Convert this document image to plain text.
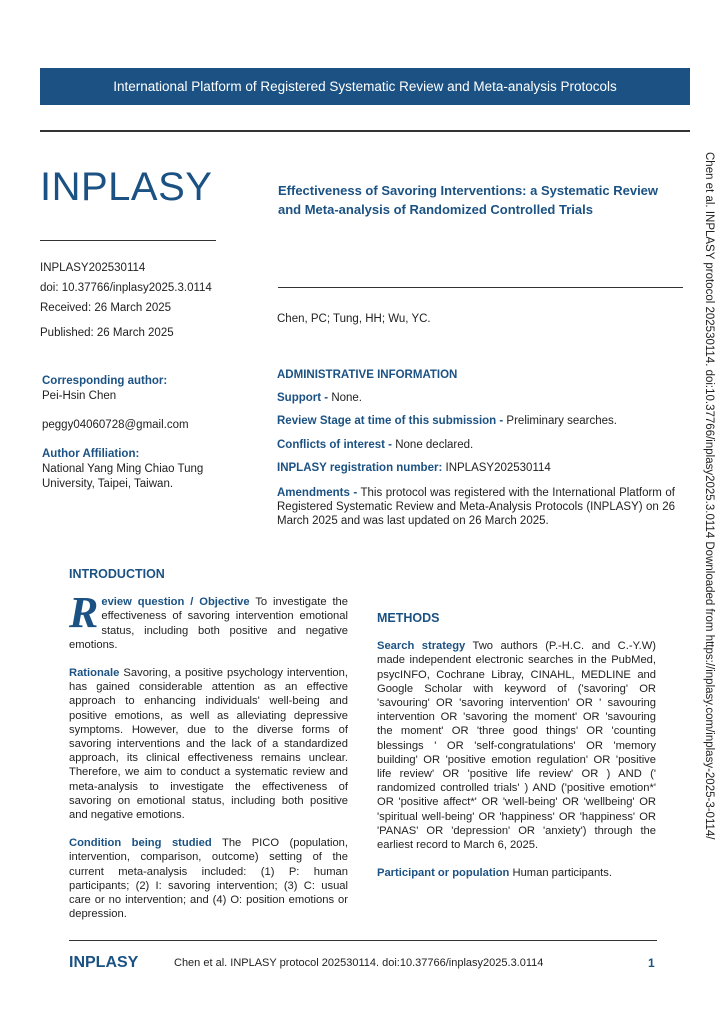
International Platform of Registered Systematic Review and Meta-analysis Protocols
INPLASY	Effectiveness of Savoring Interventions: a Systematic Review and Meta-analysis of Randomized Controlled Trials
INPLASY202530114
doi: 10.37766/inplasy2025.3.0114
Received: 26 March 2025
Published: 26 March 2025
Chen, PC; Tung, HH; Wu, YC.
Corresponding author:
Pei-Hsin Chen
peggy04060728@gmail.com
Author Affiliation:
National Yang Ming Chiao Tung University, Taipei, Taiwan.
ADMINISTRATIVE INFORMATION
Support - None.
Review Stage at time of this submission - Preliminary searches.
Conflicts of interest - None declared.
INPLASY registration number: INPLASY202530114
Amendments - This protocol was registered with the International Platform of Registered Systematic Review and Meta-Analysis Protocols (INPLASY) on 26 March 2025 and was last updated on 26 March 2025.
INTRODUCTION
R eview question / Objective To investigate the effectiveness of savoring intervention emotional status, including both positive and negative emotions.
Rationale Savoring, a positive psychology intervention, has gained considerable attention as an effective approach to enhancing individuals' well-being and positive emotions, as well as alleviating depressive symptoms. However, due to the diverse forms of savoring interventions and the lack of a standardized approach, its clinical effectiveness remains unclear. Therefore, we aim to conduct a systematic review and meta-analysis to investigate the effectiveness of savoring on emotional status, including both positive and negative emotions.
Condition being studied The PICO (population, intervention, comparison, outcome) setting of the current meta-analysis included: (1) P: human participants; (2) I: savoring intervention; (3) C: usual care or no intervention; and (4) O: position emotions or depression.
METHODS
Search strategy Two authors (P.-H.C. and C.-Y.W) made independent electronic searches in the PubMed, psycINFO, Cochrane Libray, CINAHL, MEDLINE and Google Scholar with keyword of ('savoring' OR 'savouring' OR 'savoring intervention' OR ' savouring intervention OR 'savoring the moment' OR 'savouring the moment' OR 'three good things' OR 'counting blessings ' OR 'self-congratulations' OR 'memory building' OR 'positive emotion regulation' OR 'positive life review' OR 'positive life review' OR ) AND (' randomized controlled trials' ) AND ('positive emotion*' OR 'positive affect*' OR 'well-being' OR 'wellbeing' OR 'spiritual well-being' OR 'happiness' OR 'happiness' OR 'PANAS' OR 'depression' OR 'anxiety') through the earliest record to March 6, 2025.
Participant or population Human participants.
Chen et al. INPLASY protocol 202530114. doi:10.37766/inplasy2025.3.0114 Downloaded from https://inplasy.com/inplasy-2025-3-0114/
INPLASY	Chen et al. INPLASY protocol 202530114. doi:10.37766/inplasy2025.3.0114	1
